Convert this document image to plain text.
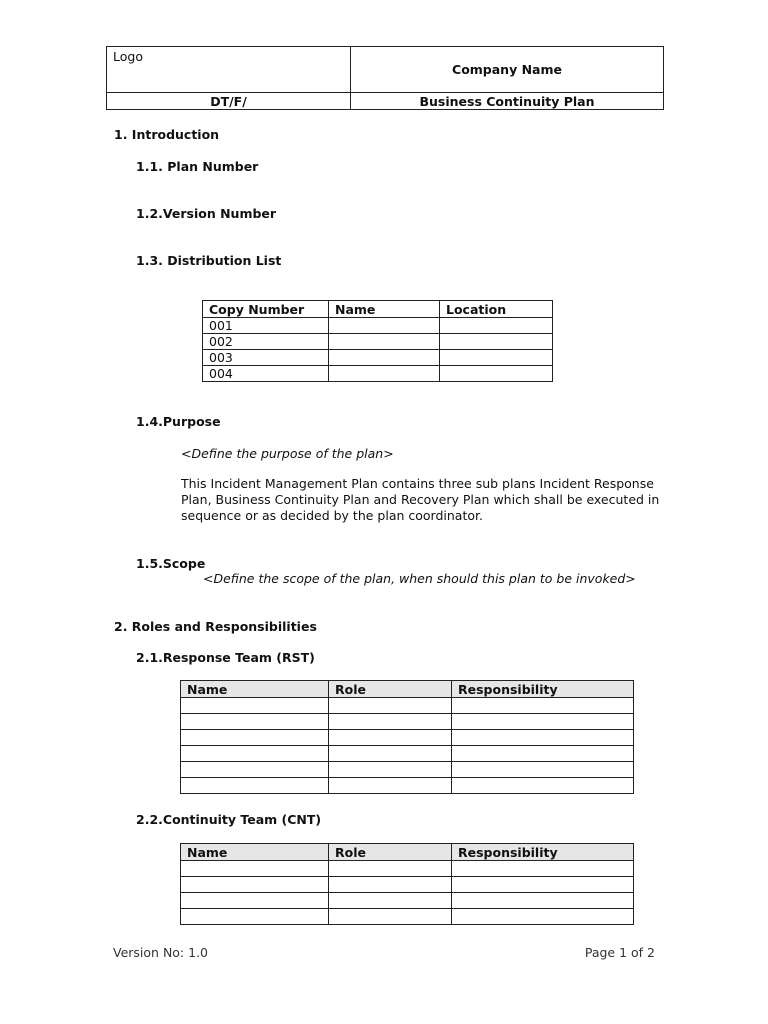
Logo	Company Name
DT/F/	Business Continuity Plan
1. Introduction
1.1. Plan Number
1.2.Version Number
1.3. Distribution List
Copy Number	Name	Location
001		
002		
003		
004		
1.4.Purpose
<Define the purpose of the plan>
This Incident Management Plan contains three sub plans Incident Response Plan, Business Continuity Plan and Recovery Plan which shall be executed in sequence or as decided by the plan coordinator.
1.5.Scope
<Define the scope of the plan, when should this plan to be invoked>
2. Roles and Responsibilities
2.1.Response Team (RST)
Name	Role	Responsibility

2.2.Continuity Team (CNT)
Name	Role	Responsibility

Version No: 1.0	Page 1 of 2
